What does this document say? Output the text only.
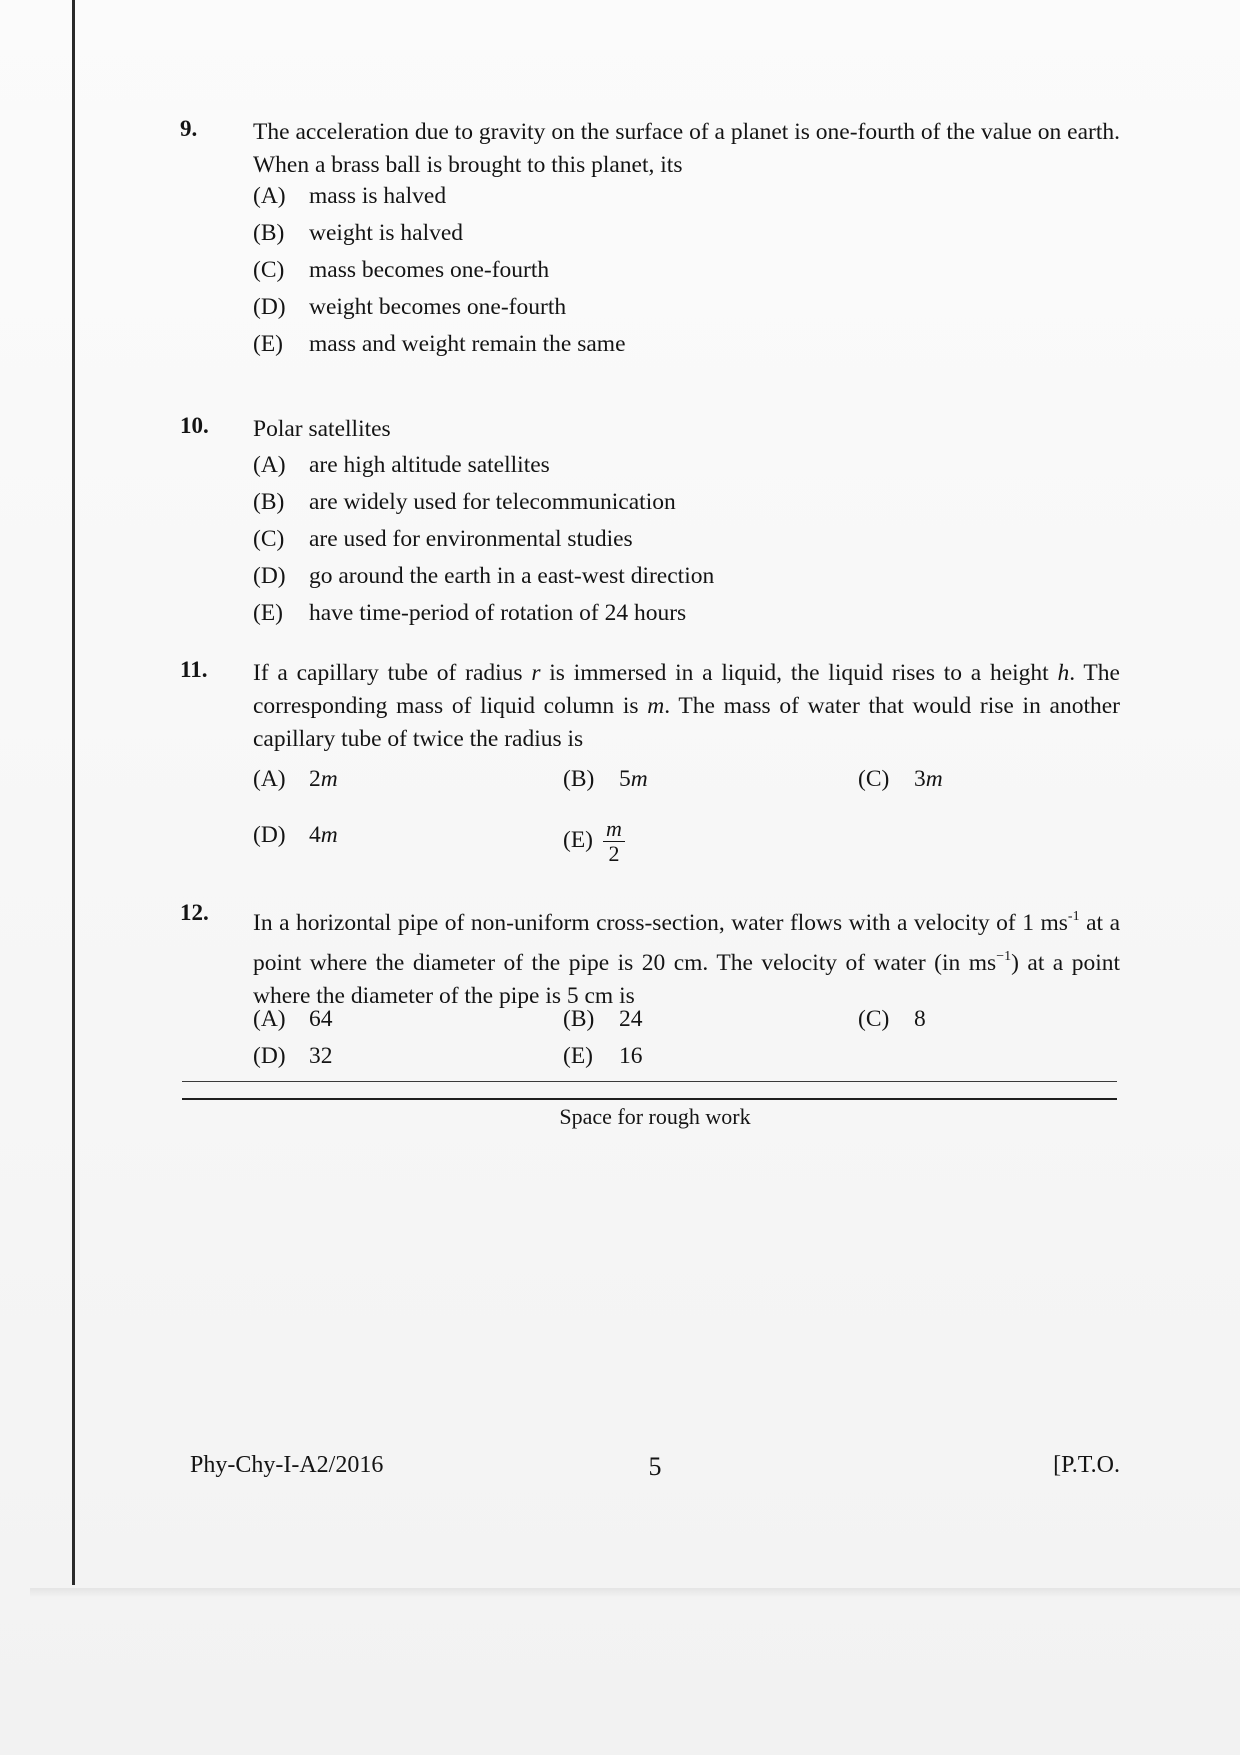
9. The acceleration due to gravity on the surface of a planet is one-fourth of the value on earth. When a brass ball is brought to this planet, its
(A) mass is halved
(B) weight is halved
(C) mass becomes one-fourth
(D) weight becomes one-fourth
(E) mass and weight remain the same
10. Polar satellites
(A) are high altitude satellites
(B) are widely used for telecommunication
(C) are used for environmental studies
(D) go around the earth in a east-west direction
(E) have time-period of rotation of 24 hours
11. If a capillary tube of radius r is immersed in a liquid, the liquid rises to a height h. The corresponding mass of liquid column is m. The mass of water that would rise in another capillary tube of twice the radius is
(A) 2m	(B) 5m	(C) 3m
(D) 4m	$(E) \frac{m}{2}$
12. In a horizontal pipe of non-uniform cross-section, water flows with a velocity of 1 $ms^{-1}$ at a point where the diameter of the pipe is 20 cm. The velocity of water (in $ms^{-1}$) at a point where the diameter of the pipe is 5 cm is
(A) 64	(B) 24	(C) 8
(D) 32	(E) 16
Space for rough work
Phy-Chy-I-A2/2016	5	[P.T.O.
